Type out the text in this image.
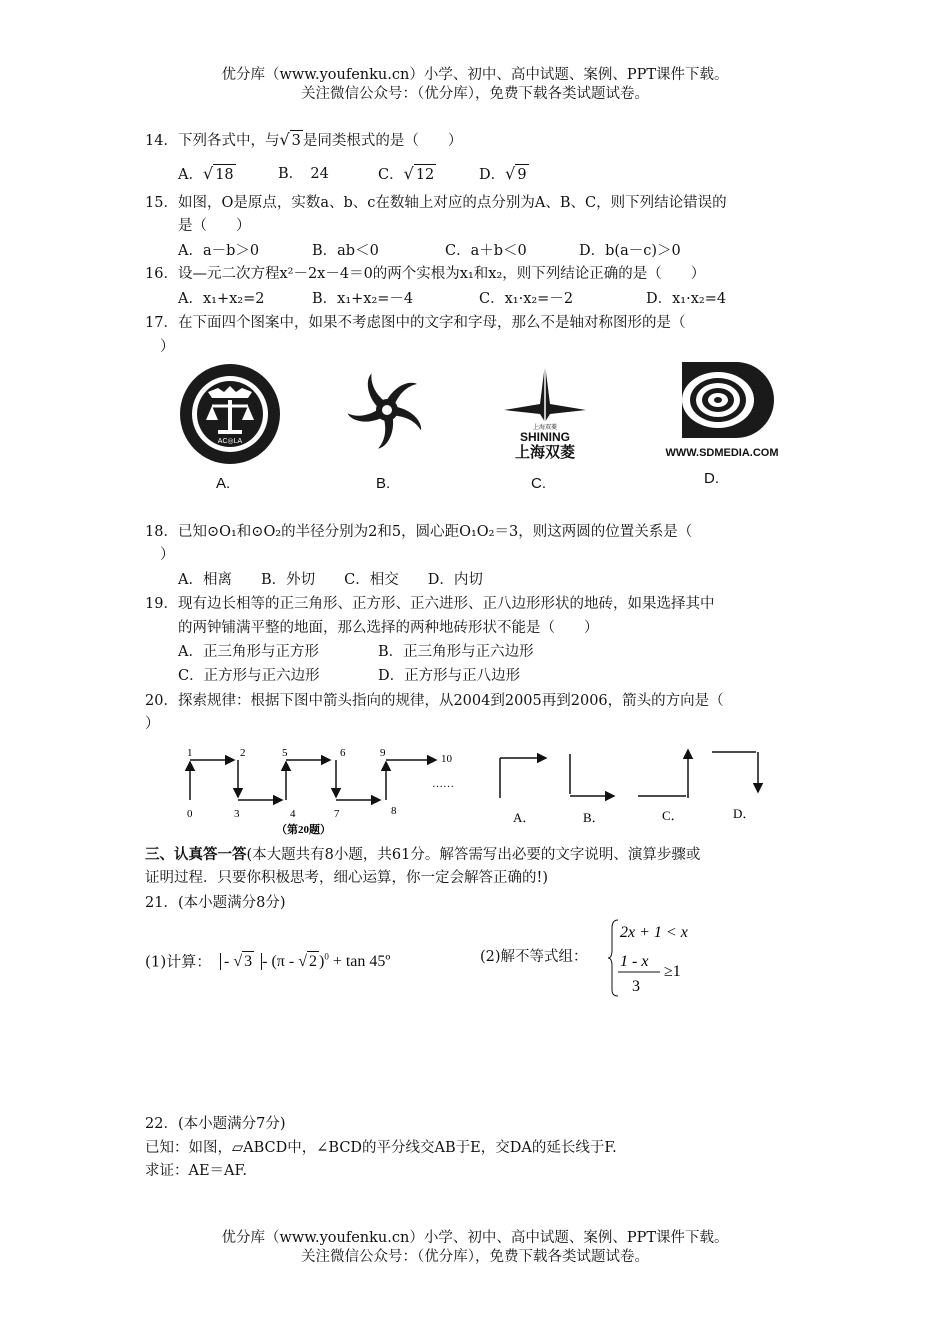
优分库（www.youfenku.cn）小学、初中、高中试题、案例、PPT课件下载。
关注微信公众号：（优分库），免费下载各类试题试卷。
14．下列各式中，与√ 3 是同类根式的是（　　）
A．√ 18	B．　24	C．√ 12	D．√ 9
15．如图，O是原点，实数a、b、c在数轴上对应的点分别为A、B、C，则下列结论错误的
是（　　）
A．a－b＞0	B．ab＜0	C．a＋b＜0	D．b(a－c)＞0
16．设—元二次方程x²－2x－4＝0的两个实根为x₁和x₂，则下列结论正确的是（　　）
A．x₁+x₂=2	B．x₁+x₂=－4	C．x₁·x₂=－2	D．x₁·x₂=4
17．在下面四个图案中，如果不考虑图中的文字和字母，那么不是轴对称图形的是（
）
AC◎LA
A.	B.
上海双菱
SHINING
上海双菱
C.
WWW.SDMEDIA.COM
D.
18．已知⊙O₁和⊙O₂的半径分别为2和5，圆心距O₁O₂＝3，则这两圆的位置关系是（
）
A．相离　　B．外切　　C．相交　　D．内切
19．现有边长相等的正三角形、正方形、正六进形、正八边形形状的地砖，如果选择其中
的两钟铺满平整的地面，那么选择的两种地砖形状不能是（　　）
A．正三角形与正方形	B．正三角形与正六边形
C．正方形与正六边形	D．正方形与正八边形
20．探索规律：根据下图中箭头指向的规律，从2004到2005再到2006，箭头的方向是（
）
0
1	2
3	4
5	6
7	8
9	10
……
（第20题）
A．	B．	C．	D．
三、认真答一答(本大题共有8小题，共61分。解答需写出必要的文字说明、演算步骤或
证明过程．只要你积极思考，细心运算，你一定会解答正确的!)
21．(本小题满分8分)
(1)计算： - √ 3 - (π - √ 2 )$^0$ + tan 45º	(2)解不等式组：
2x + 1 < x
1 - x
3
≥1
22．(本小题满分7分)
已知：如图，▱ABCD中，∠BCD的平分线交AB于E，交DA的延长线于F.
求证：AE＝AF.
优分库（www.youfenku.cn）小学、初中、高中试题、案例、PPT课件下载。
关注微信公众号：（优分库），免费下载各类试题试卷。
